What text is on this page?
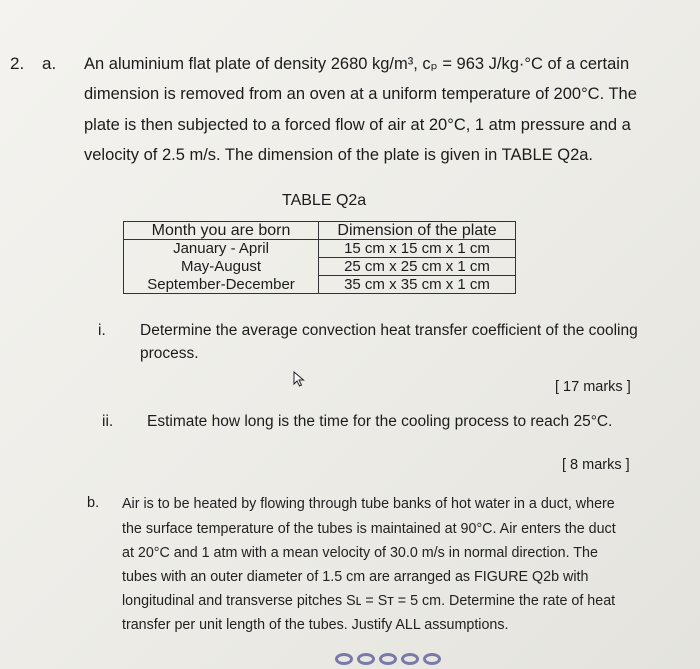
2. a. An aluminium flat plate of density 2680 kg/m³, cₚ = 963 J/kg·°C of a certain
dimension is removed from an oven at a uniform temperature of 200°C. The
plate is then subjected to a forced flow of air at 20°C, 1 atm pressure and a
velocity of 2.5 m/s. The dimension of the plate is given in TABLE Q2a.
TABLE Q2a
Month you are born	Dimension of the plate
January - April	15 cm x 15 cm x 1 cm
May-August	25 cm x 25 cm x 1 cm
September-December	35 cm x 35 cm x 1 cm
i. Determine the average convection heat transfer coefficient of the cooling
process.
[ 17 marks ]
ii. Estimate how long is the time for the cooling process to reach 25°C.
[ 8 marks ]
b. Air is to be heated by flowing through tube banks of hot water in a duct, where
the surface temperature of the tubes is maintained at 90°C. Air enters the duct
at 20°C and 1 atm with a mean velocity of 30.0 m/s in normal direction. The
tubes with an outer diameter of 1.5 cm are arranged as FIGURE Q2b with
longitudinal and transverse pitches Sʟ = Sᴛ = 5 cm. Determine the rate of heat
transfer per unit length of the tubes. Justify ALL assumptions.
